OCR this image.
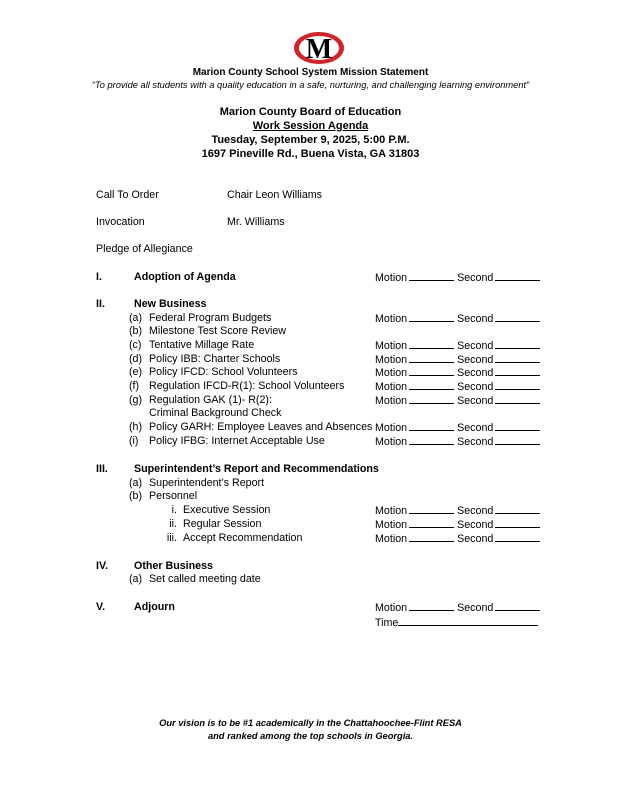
M
Marion County School System Mission Statement
“To provide all students with a quality education in a safe, nurturing, and challenging learning environment”
Marion County Board of Education
Work Session Agenda
Tuesday, September 9, 2025, 5:00 P.M.
1697 Pineville Rd., Buena Vista, GA 31803
Call To Order	Chair Leon Williams
Invocation	Mr. Williams
Pledge of Allegiance
I.	Adoption of Agenda	Motion	Second
II.	New Business
(a) Federal Program Budgets	Motion	Second
(b) Milestone Test Score Review
(c) Tentative Millage Rate	Motion	Second
(d) Policy IBB: Charter Schools	Motion	Second
(e) Policy IFCD: School Volunteers	Motion	Second
(f) Regulation IFCD-R(1): School Volunteers	Motion	Second
(g) Regulation GAK (1)- R(2):
Criminal Background Check
Motion	Second
(h) Policy GARH: Employee Leaves and Absences Motion	Second
(i) Policy IFBG: Internet Acceptable Use	Motion	Second
III. Superintendent’s Report and Recommendations
(a) Superintendent’s Report
(b) Personnel
i. Executive Session	Motion	Second
ii. Regular Session	Motion	Second
iii. Accept Recommendation	Motion	Second
IV. Other Business
(a) Set called meeting date
V.	Adjourn	Motion	Second
Time
Our vision is to be #1 academically in the Chattahoochee-Flint RESA
and ranked among the top schools in Georgia.
